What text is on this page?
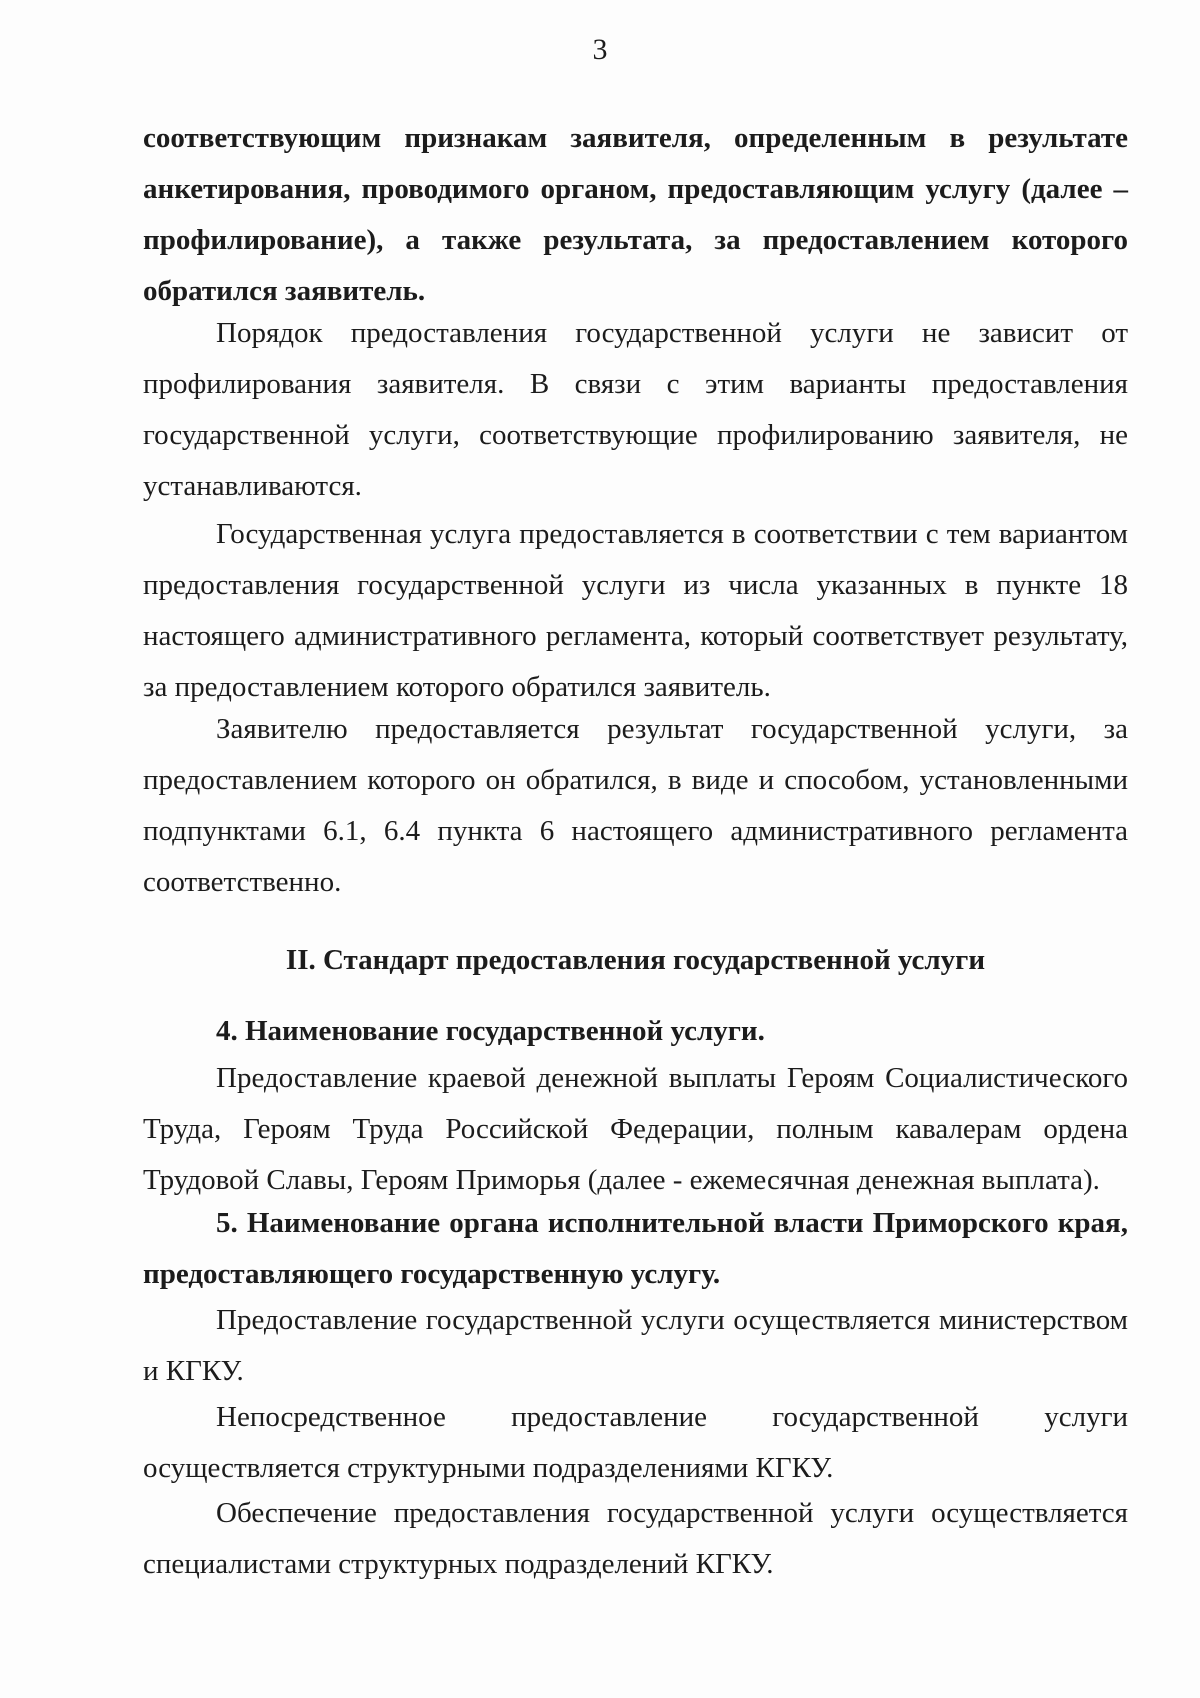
3

соответствующим признакам заявителя, определенным в результате анкетирования, проводимого органом, предоставляющим услугу (далее – профилирование), а также результата, за предоставлением которого обратился заявитель.

Порядок предоставления государственной услуги не зависит от профилирования заявителя. В связи с этим варианты предоставления государственной услуги, соответствующие профилированию заявителя, не устанавливаются.

Государственная услуга предоставляется в соответствии с тем вариантом предоставления государственной услуги из числа указанных в пункте 18 настоящего административного регламента, который соответствует результату, за предоставлением которого обратился заявитель.

Заявителю предоставляется результат государственной услуги, за предоставлением которого он обратился, в виде и способом, установленными подпунктами 6.1, 6.4 пункта 6 настоящего административного регламента соответственно.

II. Стандарт предоставления государственной услуги

4. Наименование государственной услуги.

Предоставление краевой денежной выплаты Героям Социалистического Труда, Героям Труда Российской Федерации, полным кавалерам ордена Трудовой Славы, Героям Приморья (далее - ежемесячная денежная выплата).

5. Наименование органа исполнительной власти Приморского края, предоставляющего государственную услугу.

Предоставление государственной услуги осуществляется министерством и КГКУ.

Непосредственное предоставление государственной услуги осуществляется структурными подразделениями КГКУ.

Обеспечение предоставления государственной услуги осуществляется специалистами структурных подразделений КГКУ.
